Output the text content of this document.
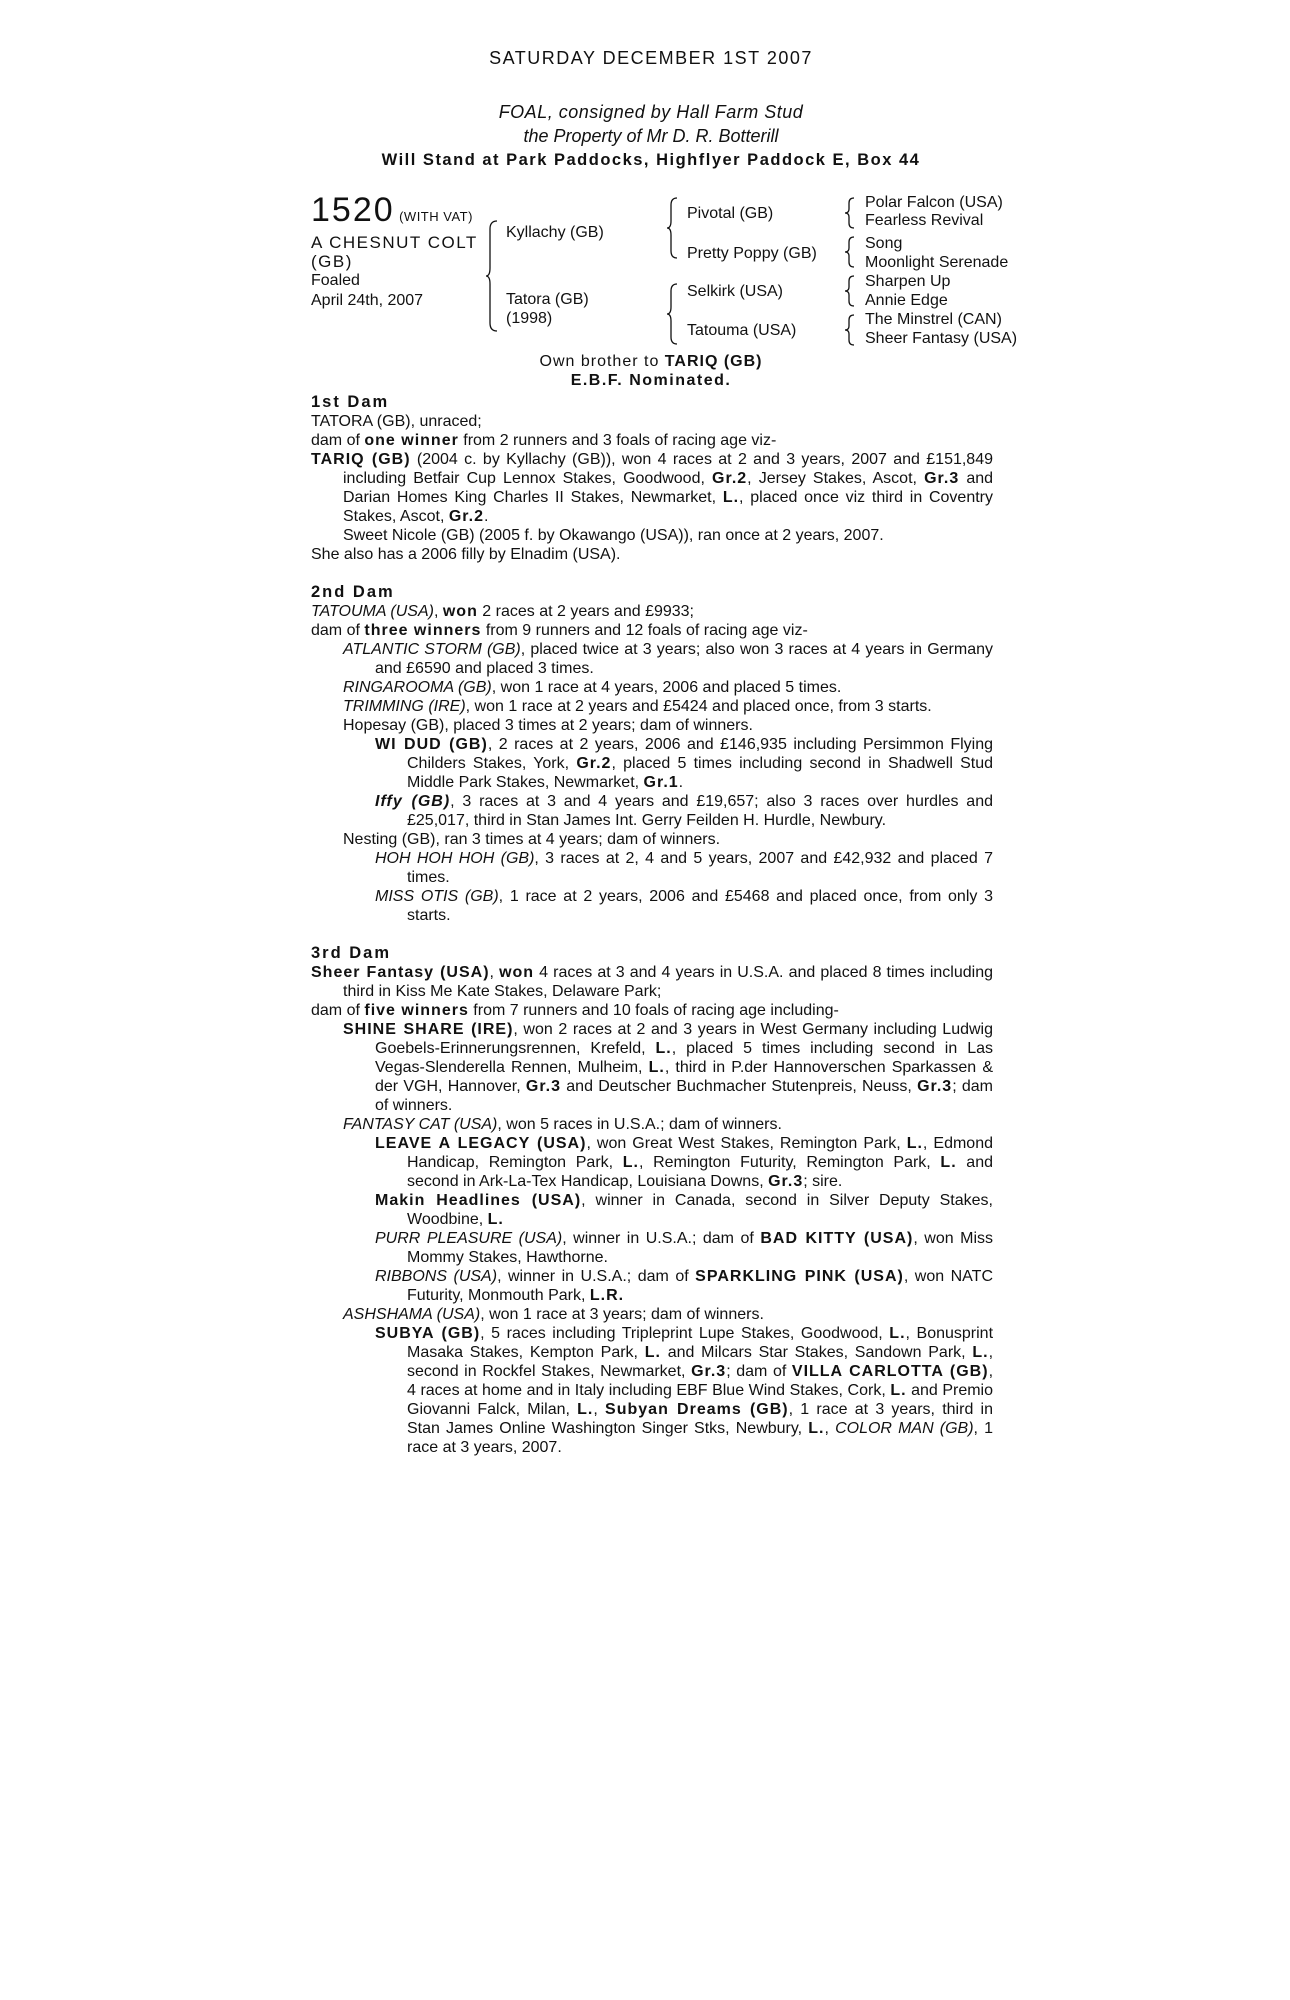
SATURDAY DECEMBER 1ST 2007
FOAL, consigned by Hall Farm Stud
the Property of Mr D. R. Botterill
Will Stand at Park Paddocks, Highflyer Paddock E, Box 44
1520 (WITH VAT)
A CHESNUT COLT
(GB)
Foaled
April 24th, 2007
Kyllachy (GB)
Tatora (GB)
(1998)
Pivotal (GB)
Pretty Poppy (GB)
Selkirk (USA)
Tatouma (USA)
Polar Falcon (USA)
Fearless Revival
Song
Moonlight Serenade
Sharpen Up
Annie Edge
The Minstrel (CAN)
Sheer Fantasy (USA)
Own brother to TARIQ (GB)
E.B.F. Nominated.
1st Dam
TATORA (GB), unraced;
dam of one winner from 2 runners and 3 foals of racing age viz-
TARIQ (GB) (2004 c. by Kyllachy (GB)), won 4 races at 2 and 3 years, 2007 and £151,849 including Betfair Cup Lennox Stakes, Goodwood, Gr.2, Jersey Stakes, Ascot, Gr.3 and Darian Homes King Charles II Stakes, Newmarket, L., placed once viz third in Coventry Stakes, Ascot, Gr.2.
Sweet Nicole (GB) (2005 f. by Okawango (USA)), ran once at 2 years, 2007.
She also has a 2006 filly by Elnadim (USA).
2nd Dam
TATOUMA (USA), won 2 races at 2 years and £9933;
dam of three winners from 9 runners and 12 foals of racing age viz-
ATLANTIC STORM (GB), placed twice at 3 years; also won 3 races at 4 years in Germany and £6590 and placed 3 times.
RINGAROOMA (GB), won 1 race at 4 years, 2006 and placed 5 times.
TRIMMING (IRE), won 1 race at 2 years and £5424 and placed once, from 3 starts.
Hopesay (GB), placed 3 times at 2 years; dam of winners.
WI DUD (GB), 2 races at 2 years, 2006 and £146,935 including Persimmon Flying Childers Stakes, York, Gr.2, placed 5 times including second in Shadwell Stud Middle Park Stakes, Newmarket, Gr.1.
Iffy (GB), 3 races at 3 and 4 years and £19,657; also 3 races over hurdles and £25,017, third in Stan James Int. Gerry Feilden H. Hurdle, Newbury.
Nesting (GB), ran 3 times at 4 years; dam of winners.
HOH HOH HOH (GB), 3 races at 2, 4 and 5 years, 2007 and £42,932 and placed 7 times.
MISS OTIS (GB), 1 race at 2 years, 2006 and £5468 and placed once, from only 3 starts.
3rd Dam
Sheer Fantasy (USA), won 4 races at 3 and 4 years in U.S.A. and placed 8 times including third in Kiss Me Kate Stakes, Delaware Park;
dam of five winners from 7 runners and 10 foals of racing age including-
SHINE SHARE (IRE), won 2 races at 2 and 3 years in West Germany including Ludwig Goebels-Erinnerungsrennen, Krefeld, L., placed 5 times including second in Las Vegas-Slenderella Rennen, Mulheim, L., third in P.der Hannoverschen Sparkassen & der VGH, Hannover, Gr.3 and Deutscher Buchmacher Stutenpreis, Neuss, Gr.3; dam of winners.
FANTASY CAT (USA), won 5 races in U.S.A.; dam of winners.
LEAVE A LEGACY (USA), won Great West Stakes, Remington Park, L., Edmond Handicap, Remington Park, L., Remington Futurity, Remington Park, L. and second in Ark-La-Tex Handicap, Louisiana Downs, Gr.3; sire.
Makin Headlines (USA), winner in Canada, second in Silver Deputy Stakes, Woodbine, L.
PURR PLEASURE (USA), winner in U.S.A.; dam of BAD KITTY (USA), won Miss Mommy Stakes, Hawthorne.
RIBBONS (USA), winner in U.S.A.; dam of SPARKLING PINK (USA), won NATC Futurity, Monmouth Park, L.R.
ASHSHAMA (USA), won 1 race at 3 years; dam of winners.
SUBYA (GB), 5 races including Tripleprint Lupe Stakes, Goodwood, L., Bonusprint Masaka Stakes, Kempton Park, L. and Milcars Star Stakes, Sandown Park, L., second in Rockfel Stakes, Newmarket, Gr.3; dam of VILLA CARLOTTA (GB), 4 races at home and in Italy including EBF Blue Wind Stakes, Cork, L. and Premio Giovanni Falck, Milan, L., Subyan Dreams (GB), 1 race at 3 years, third in Stan James Online Washington Singer Stks, Newbury, L., COLOR MAN (GB), 1 race at 3 years, 2007.
